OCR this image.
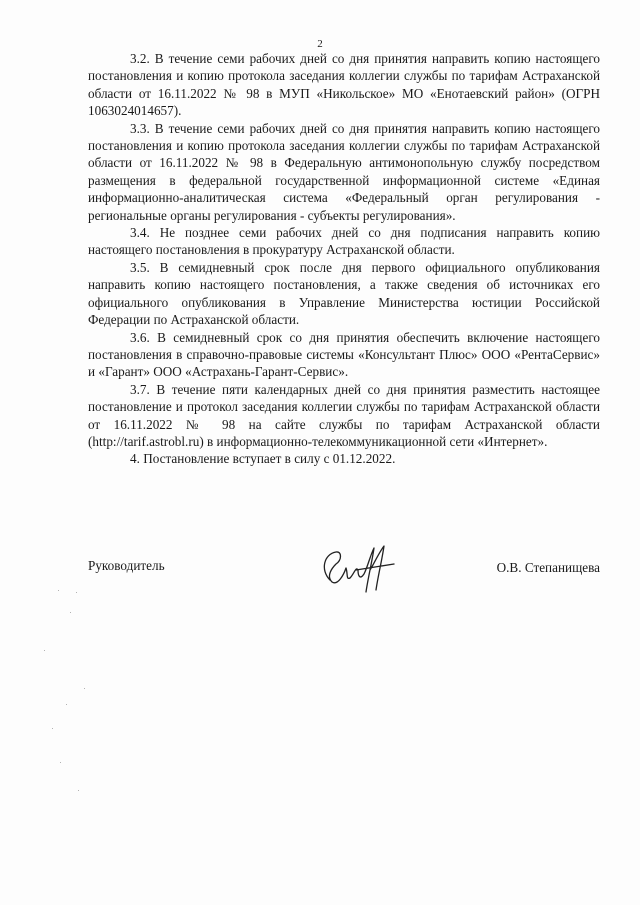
2

3.2. В течение семи рабочих дней со дня принятия направить копию настоящего постановления и копию протокола заседания коллегии службы по тарифам Астраханской области от 16.11.2022 № 98 в МУП «Никольское» МО «Енотаевский район» (ОГРН 1063024014657).

3.3. В течение семи рабочих дней со дня принятия направить копию настоящего постановления и копию протокола заседания коллегии службы по тарифам Астраханской области от 16.11.2022 № 98 в Федеральную антимонопольную службу посредством размещения в федеральной государственной информационной системе «Единая информационно-аналитическая система «Федеральный орган регулирования - региональные органы регулирования - субъекты регулирования».

3.4. Не позднее семи рабочих дней со дня подписания направить копию настоящего постановления в прокуратуру Астраханской области.

3.5. В семидневный срок после дня первого официального опубликования направить копию настоящего постановления, а также сведения об источниках его официального опубликования в Управление Министерства юстиции Российской Федерации по Астраханской области.

3.6. В семидневный срок со дня принятия обеспечить включение настоящего постановления в справочно-правовые системы «Консультант Плюс» ООО «РентаСервис» и «Гарант» ООО «Астрахань-Гарант-Сервис».

3.7. В течение пяти календарных дней со дня принятия разместить настоящее постановление и протокол заседания коллегии службы по тарифам Астраханской области от 16.11.2022 № 98 на сайте службы по тарифам Астраханской области (http://tarif.astrobl.ru) в информационно-телекоммуникационной сети «Интернет».

4. Постановление вступает в силу с 01.12.2022.

Руководитель	О.В. Степанищева
